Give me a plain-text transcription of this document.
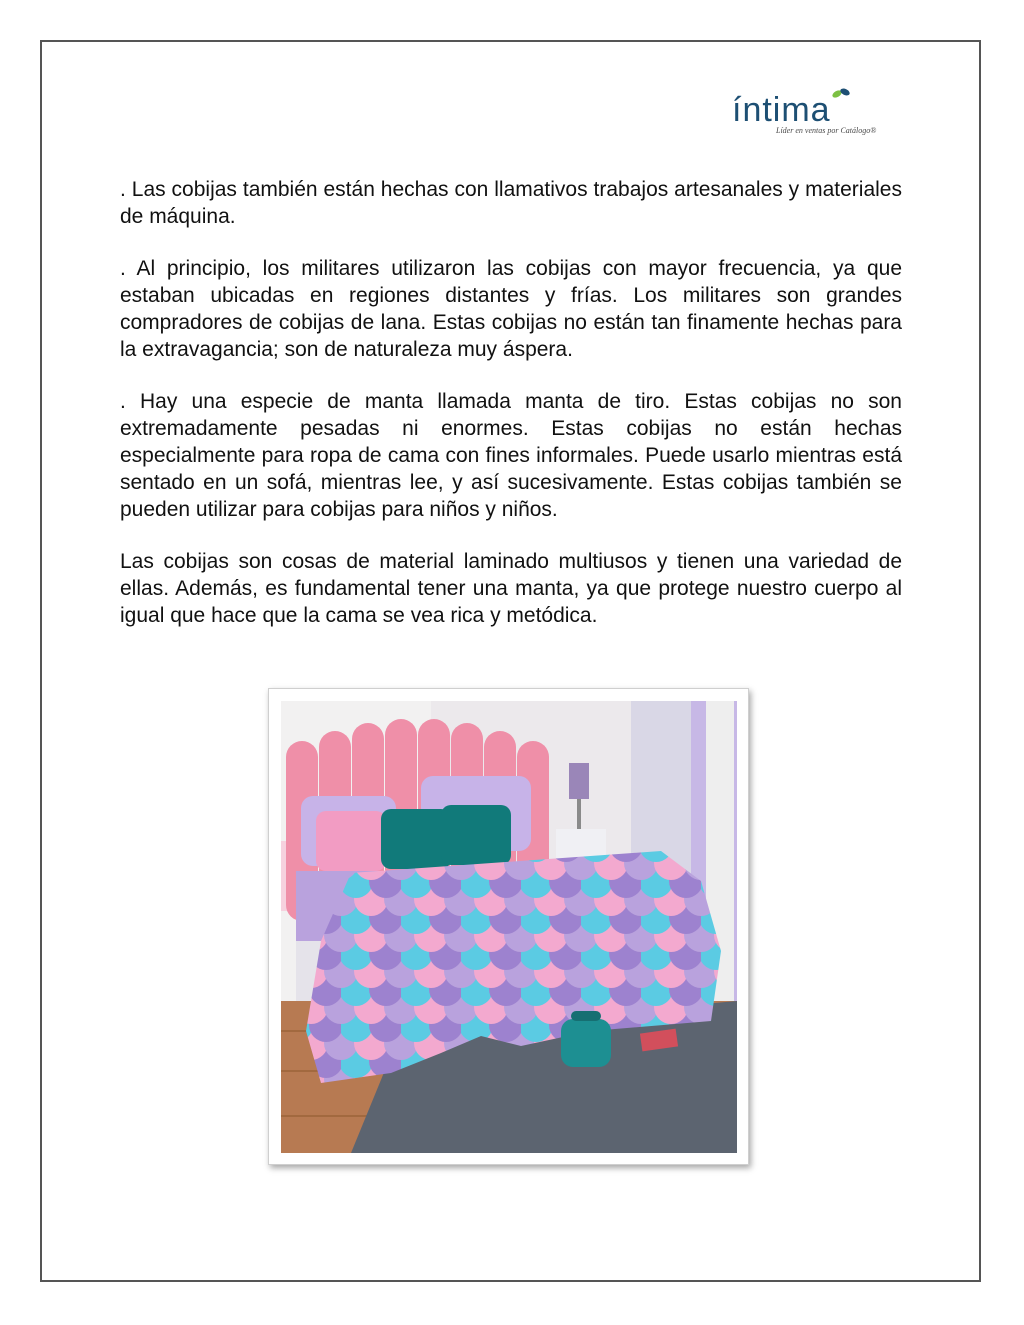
íntima
Líder en ventas por Catálogo®

. Las cobijas también están hechas con llamativos trabajos artesanales y materiales de máquina.

. Al principio, los militares utilizaron las cobijas con mayor frecuencia, ya que estaban ubicadas en regiones distantes y frías. Los militares son grandes compradores de cobijas de lana. Estas cobijas no están tan finamente hechas para la extravagancia; son de naturaleza muy áspera.

. Hay una especie de manta llamada manta de tiro. Estas cobijas no son extremadamente pesadas ni enormes. Estas cobijas no están hechas especialmente para ropa de cama con fines informales. Puede usarlo mientras está sentado en un sofá, mientras lee, y así sucesivamente. Estas cobijas también se pueden utilizar para cobijas para niños y niños.

Las cobijas son cosas de material laminado multiusos y tienen una variedad de ellas. Además, es fundamental tener una manta, ya que protege nuestro cuerpo al igual que hace que la cama se vea rica y metódica.
